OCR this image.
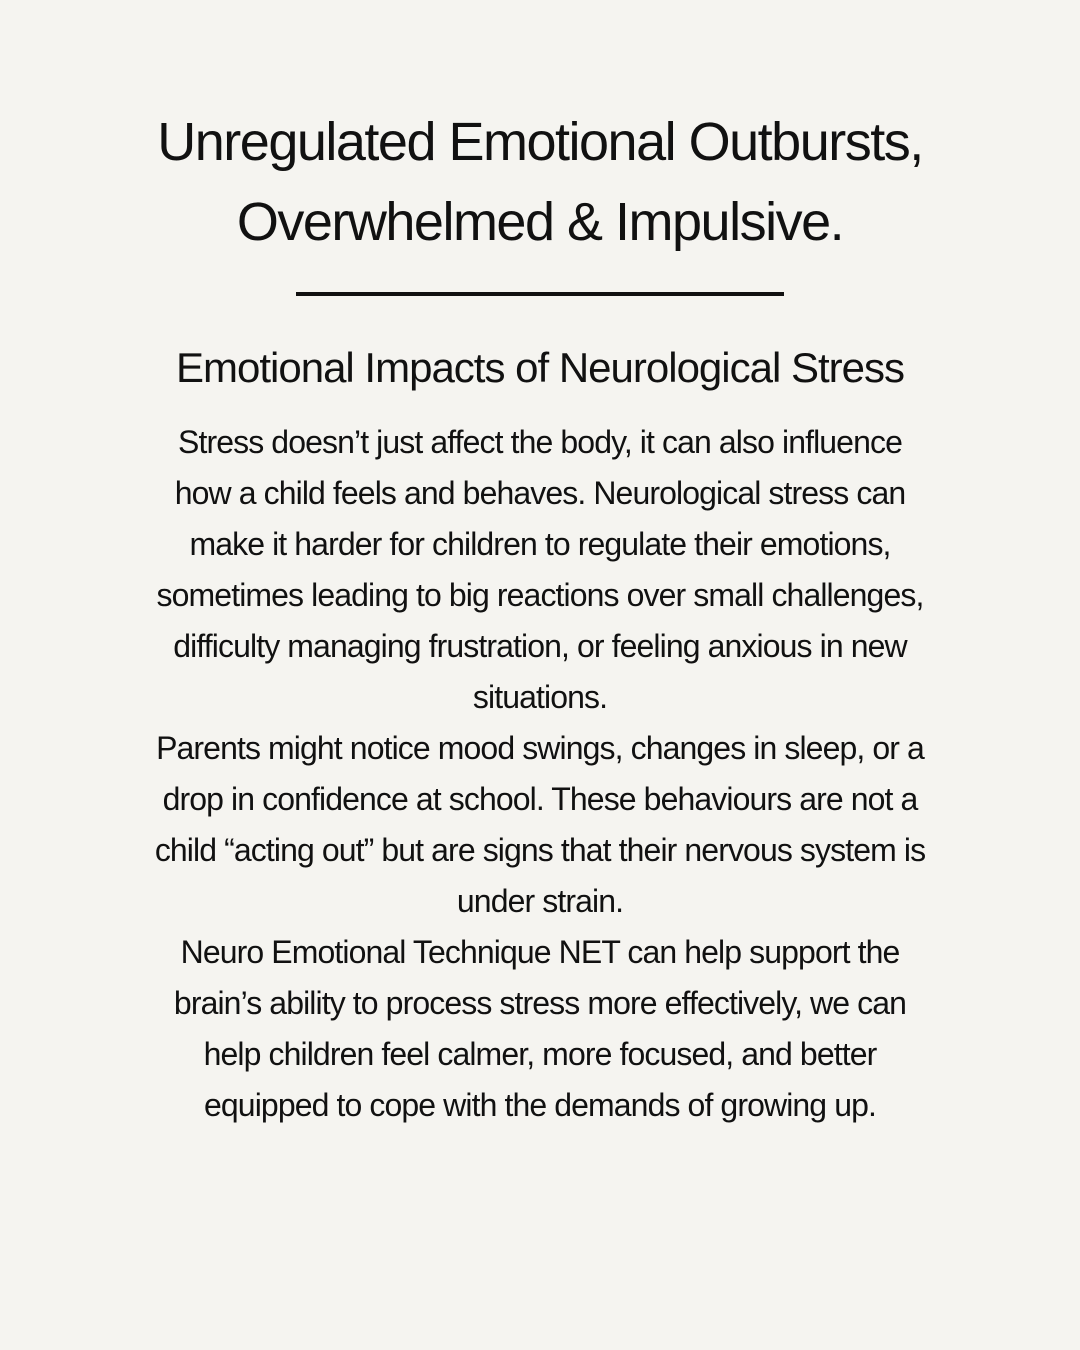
Unregulated Emotional Outbursts,
Overwhelmed & Impulsive.
Emotional Impacts of Neurological Stress
Stress doesn’t just affect the body, it can also influence
how a child feels and behaves. Neurological stress can
make it harder for children to regulate their emotions,
sometimes leading to big reactions over small challenges,
difficulty managing frustration, or feeling anxious in new
situations.
Parents might notice mood swings, changes in sleep, or a
drop in confidence at school. These behaviours are not a
child “acting out” but are signs that their nervous system is
under strain.
Neuro Emotional Technique NET can help support the
brain’s ability to process stress more effectively, we can
help children feel calmer, more focused, and better
equipped to cope with the demands of growing up.
